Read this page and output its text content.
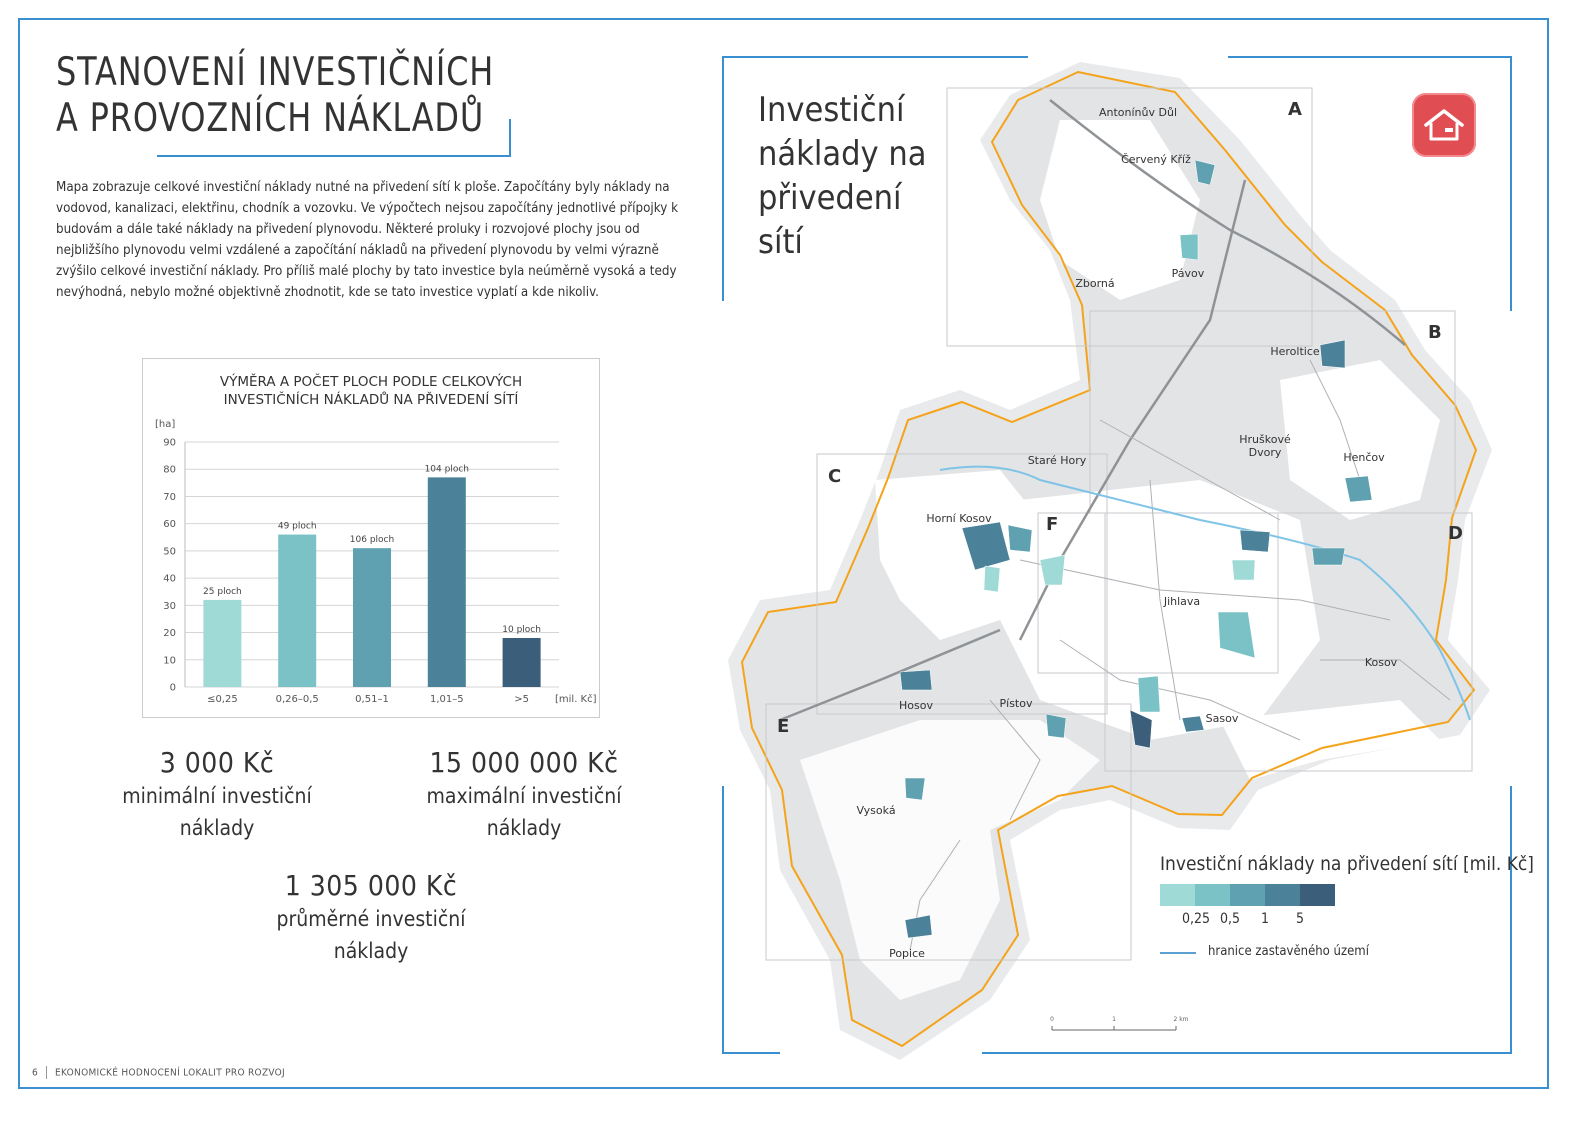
STANOVENÍ INVESTIČNÍCH
A PROVOZNÍCH NÁKLADŮ
Mapa zobrazuje celkové investiční náklady nutné na přivedení sítí k ploše. Započítány byly náklady na vodovod, kanalizaci, elektřinu, chodník a vozovku. Ve výpočtech nejsou započítány jednotlivé přípojky k budovám a dále také náklady na přivedení plynovodu. Některé proluky i rozvojové plochy jsou od nejbližšího plynovodu velmi vzdálené a započítání nákladů na přivedení plynovodu by velmi výrazně zvýšilo celkové investiční náklady. Pro příliš malé plochy by tato investice byla neúměrně vysoká a tedy nevýhodná, nebylo možné objektivně zhodnotit, kde se tato investice vyplatí a kde nikoliv.
VÝMĚRA A POČET PLOCH PODLE CELKOVÝCH
INVESTIČNÍCH NÁKLADŮ NA PŘIVEDENÍ SÍTÍ
[ha]
[mil. Kč]
0
10
20
30
40
50
60
70
80
90
25 ploch
≤0,25
49 ploch
0,26–0,5
106 ploch
0,51–1
104 ploch
1,01–5
10 ploch
>5
3 000 Kč
minimální investiční
náklady
15 000 000 Kč
maximální investiční
náklady
1 305 000 Kč
průměrné investiční
náklady
6 EKONOMICKÉ HODNOCENÍ LOKALIT PRO ROZVOJ
A
B
C
D
E
F
Antonínův Důl
Červený Kříž
Pávov
Zborná
Heroltice
Hruškové
Dvory	Henčov
Staré Hory
Horní Kosov
Jihlava
Kosov
Hosov	Pístov
Sasov
Vysoká
Popice
0	1	2 km
Investiční
náklady na
přivedení
sítí
Investiční náklady na přivedení sítí [mil. Kč]
0,25 0,5 1 5
hranice zastavěného území
